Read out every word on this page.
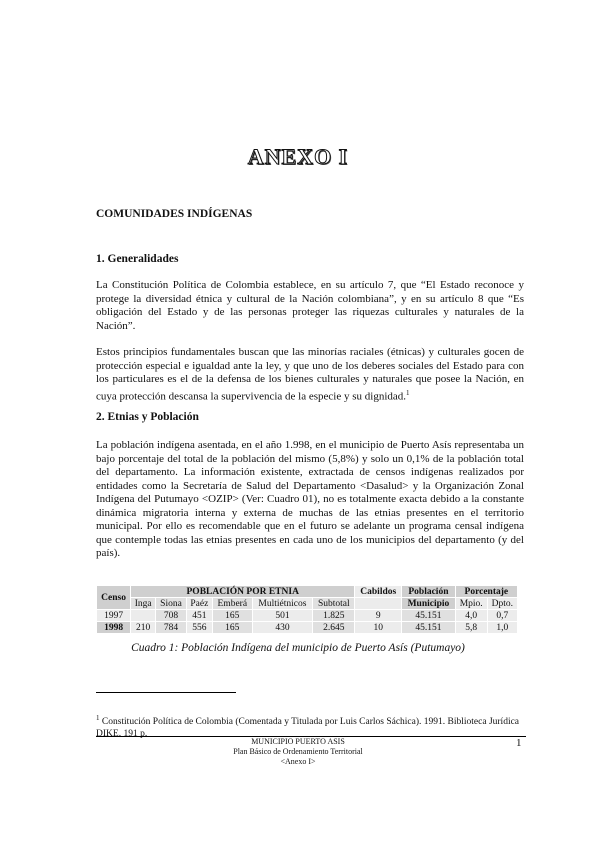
ANEXO I
COMUNIDADES INDÍGENAS
1. Generalidades

La Constitución Política de Colombia establece, en su artículo 7, que “El Estado reconoce y protege la diversidad étnica y cultural de la Nación colombiana”, y en su artículo 8 que “Es obligación del Estado y de las personas proteger las riquezas culturales y naturales de la Nación”.

Estos principios fundamentales buscan que las minorías raciales (étnicas) y culturales gocen de protección especial e igualdad ante la ley, y que uno de los deberes sociales del Estado para con los particulares es el de la defensa de los bienes culturales y naturales que posee la Nación, en cuya protección descansa la supervivencia de la especie y su dignidad.$^1$

2. Etnias y Población

La población indígena asentada, en el año 1.998, en el municipio de Puerto Asís representaba un bajo porcentaje del total de la población del mismo (5,8%) y solo un 0,1% de la población total del departamento. La información existente, extractada de censos indígenas realizados por entidades como la Secretaría de Salud del Departamento <Dasalud> y la Organización Zonal Indígena del Putumayo <OZIP> (Ver: Cuadro 01), no es totalmente exacta debido a la constante dinámica migratoria interna y externa de muchas de las etnias presentes en el territorio municipal. Por ello es recomendable que en el futuro se adelante un programa censal indígena que contemple todas las etnias presentes en cada uno de los municipios del departamento (y del país).

Censo	POBLACIÓN POR ETNIA						Cabildos	Población	Porcentaje	
	Inga	Siona	Paéz	Emberá	Multiétnicos	Subtotal		Municipio	Mpio.	Dpto.
1997		708	451	165	501	1.825	9	45.151	4,0	0,7
1998	210	784	556	165	430	2.645	10	45.151	5,8	1,0
Cuadro 1: Población Indígena del municipio de Puerto Asís (Putumayo)
$^1$ Constitución Política de Colombia (Comentada y Titulada por Luis Carlos Sáchica). 1991. Biblioteca Jurídica DIKE. 191 p.
MUNICIPIO PUERTO ASIS
Plan Básico de Ordenamiento Territorial
<Anexo I>
1
